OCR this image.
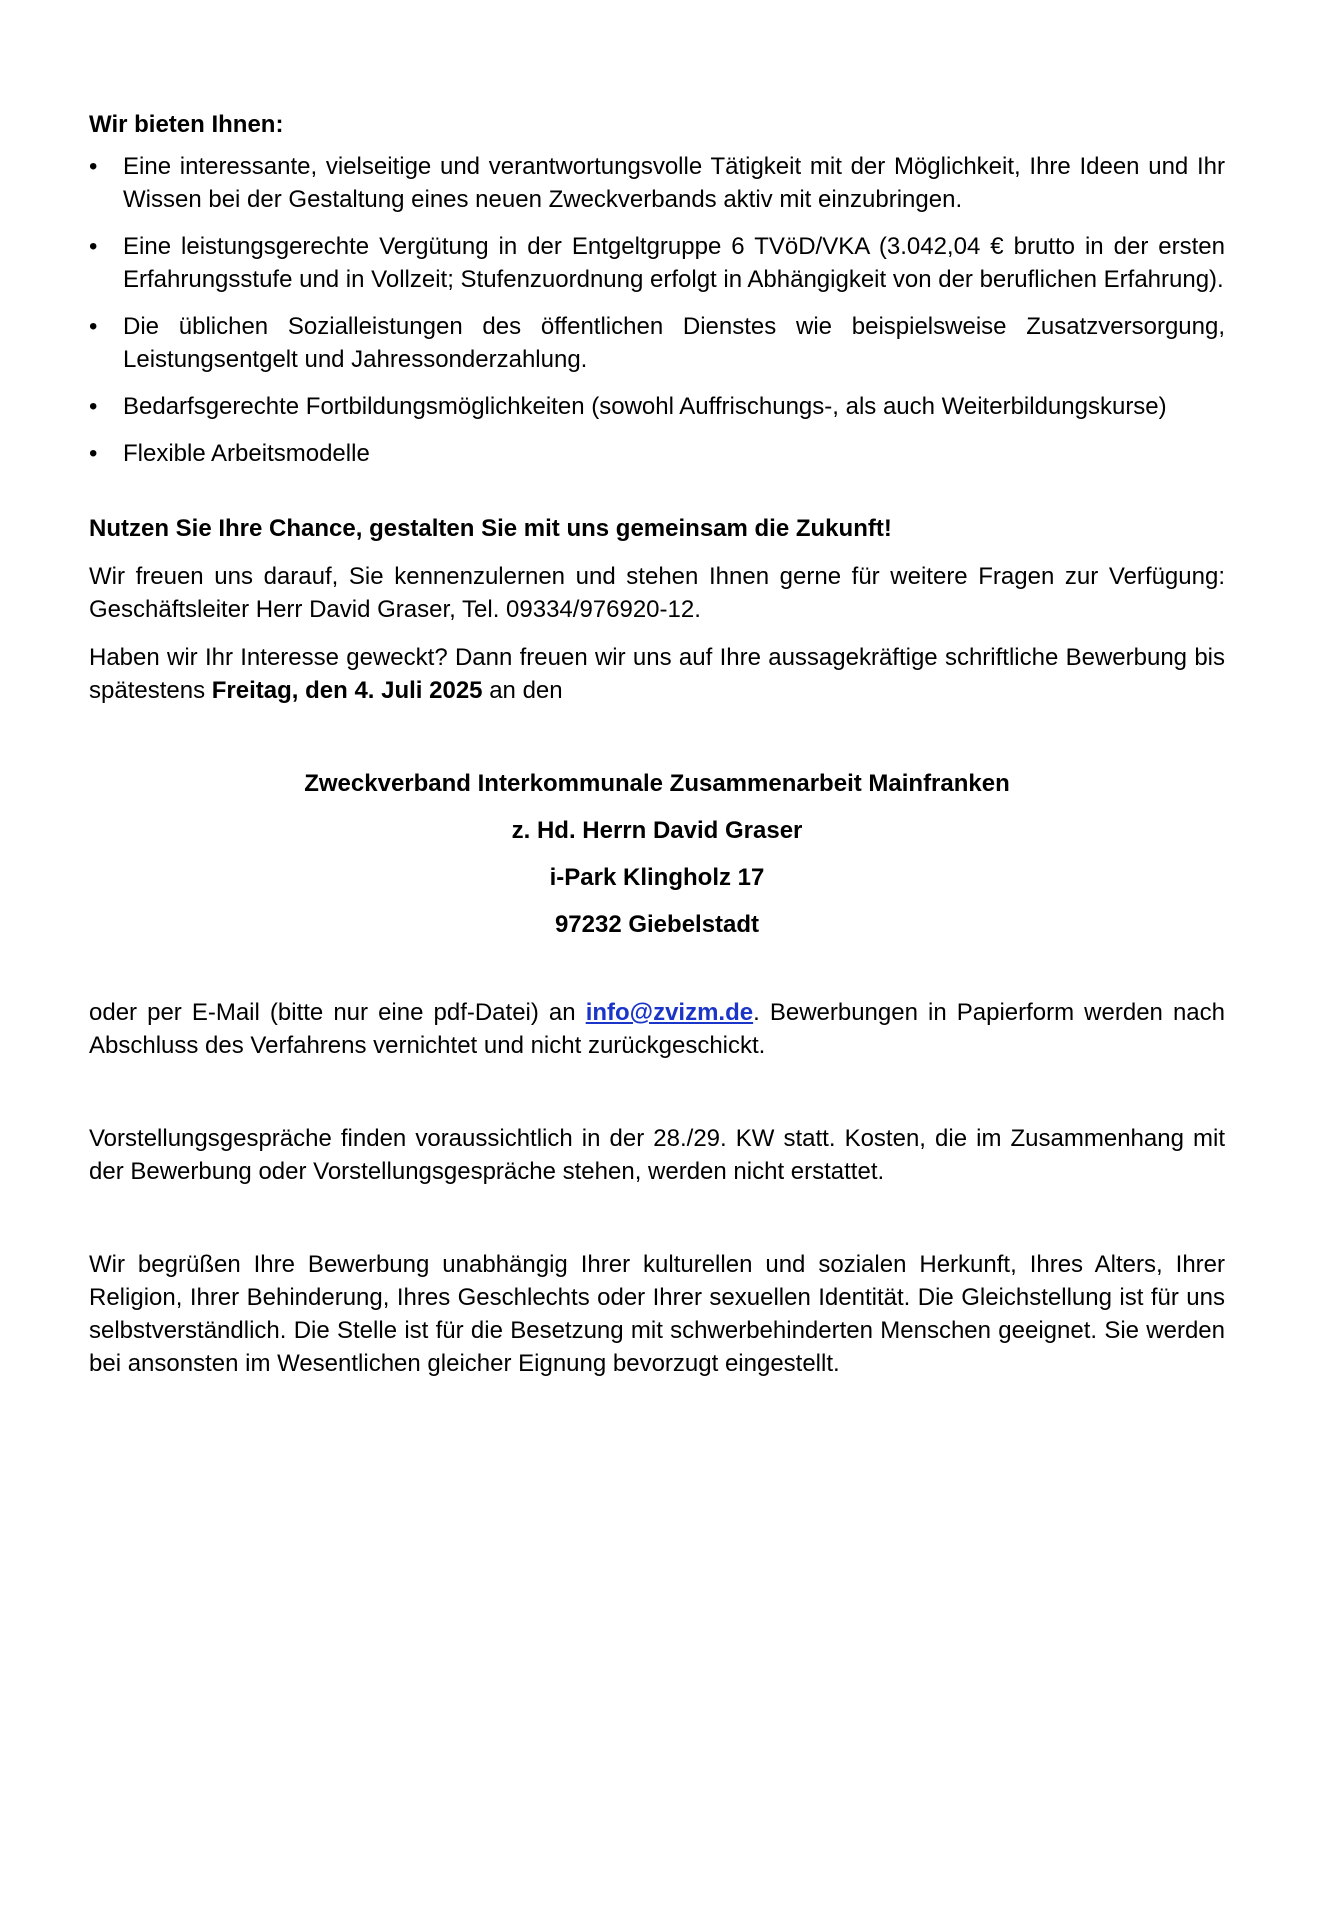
Wir bieten Ihnen:
• Eine interessante, vielseitige und verantwortungsvolle Tätigkeit mit der Möglichkeit, Ihre Ideen und Ihr Wissen bei der Gestaltung eines neuen Zweckverbands aktiv mit einzubringen.
• Eine leistungsgerechte Vergütung in der Entgeltgruppe 6 TVöD/VKA (3.042,04 € brutto in der ersten Erfahrungsstufe und in Vollzeit; Stufenzuordnung erfolgt in Abhängigkeit von der beruflichen Erfahrung).
• Die üblichen Sozialleistungen des öffentlichen Dienstes wie beispielsweise Zusatzversorgung, Leistungsentgelt und Jahressonderzahlung.
• Bedarfsgerechte Fortbildungsmöglichkeiten (sowohl Auffrischungs-, als auch Weiterbildungskurse)
• Flexible Arbeitsmodelle
Nutzen Sie Ihre Chance, gestalten Sie mit uns gemeinsam die Zukunft!

Wir freuen uns darauf, Sie kennenzulernen und stehen Ihnen gerne für weitere Fragen zur Verfügung: Geschäftsleiter Herr David Graser, Tel. 09334/976920-12.

Haben wir Ihr Interesse geweckt? Dann freuen wir uns auf Ihre aussagekräftige schriftliche Bewerbung bis spätestens Freitag, den 4. Juli 2025 an den

Zweckverband Interkommunale Zusammenarbeit Mainfranken
z. Hd. Herrn David Graser
i-Park Klingholz 17
97232 Giebelstadt

oder per E-Mail (bitte nur eine pdf-Datei) an info@zvizm.de. Bewerbungen in Papierform werden nach Abschluss des Verfahrens vernichtet und nicht zurückgeschickt.

Vorstellungsgespräche finden voraussichtlich in der 28./29. KW statt. Kosten, die im Zusammenhang mit der Bewerbung oder Vorstellungsgespräche stehen, werden nicht erstattet.

Wir begrüßen Ihre Bewerbung unabhängig Ihrer kulturellen und sozialen Herkunft, Ihres Alters, Ihrer Religion, Ihrer Behinderung, Ihres Geschlechts oder Ihrer sexuellen Identität. Die Gleichstellung ist für uns selbstverständlich. Die Stelle ist für die Besetzung mit schwerbehinderten Menschen geeignet. Sie werden bei ansonsten im Wesentlichen gleicher Eignung bevorzugt eingestellt.
